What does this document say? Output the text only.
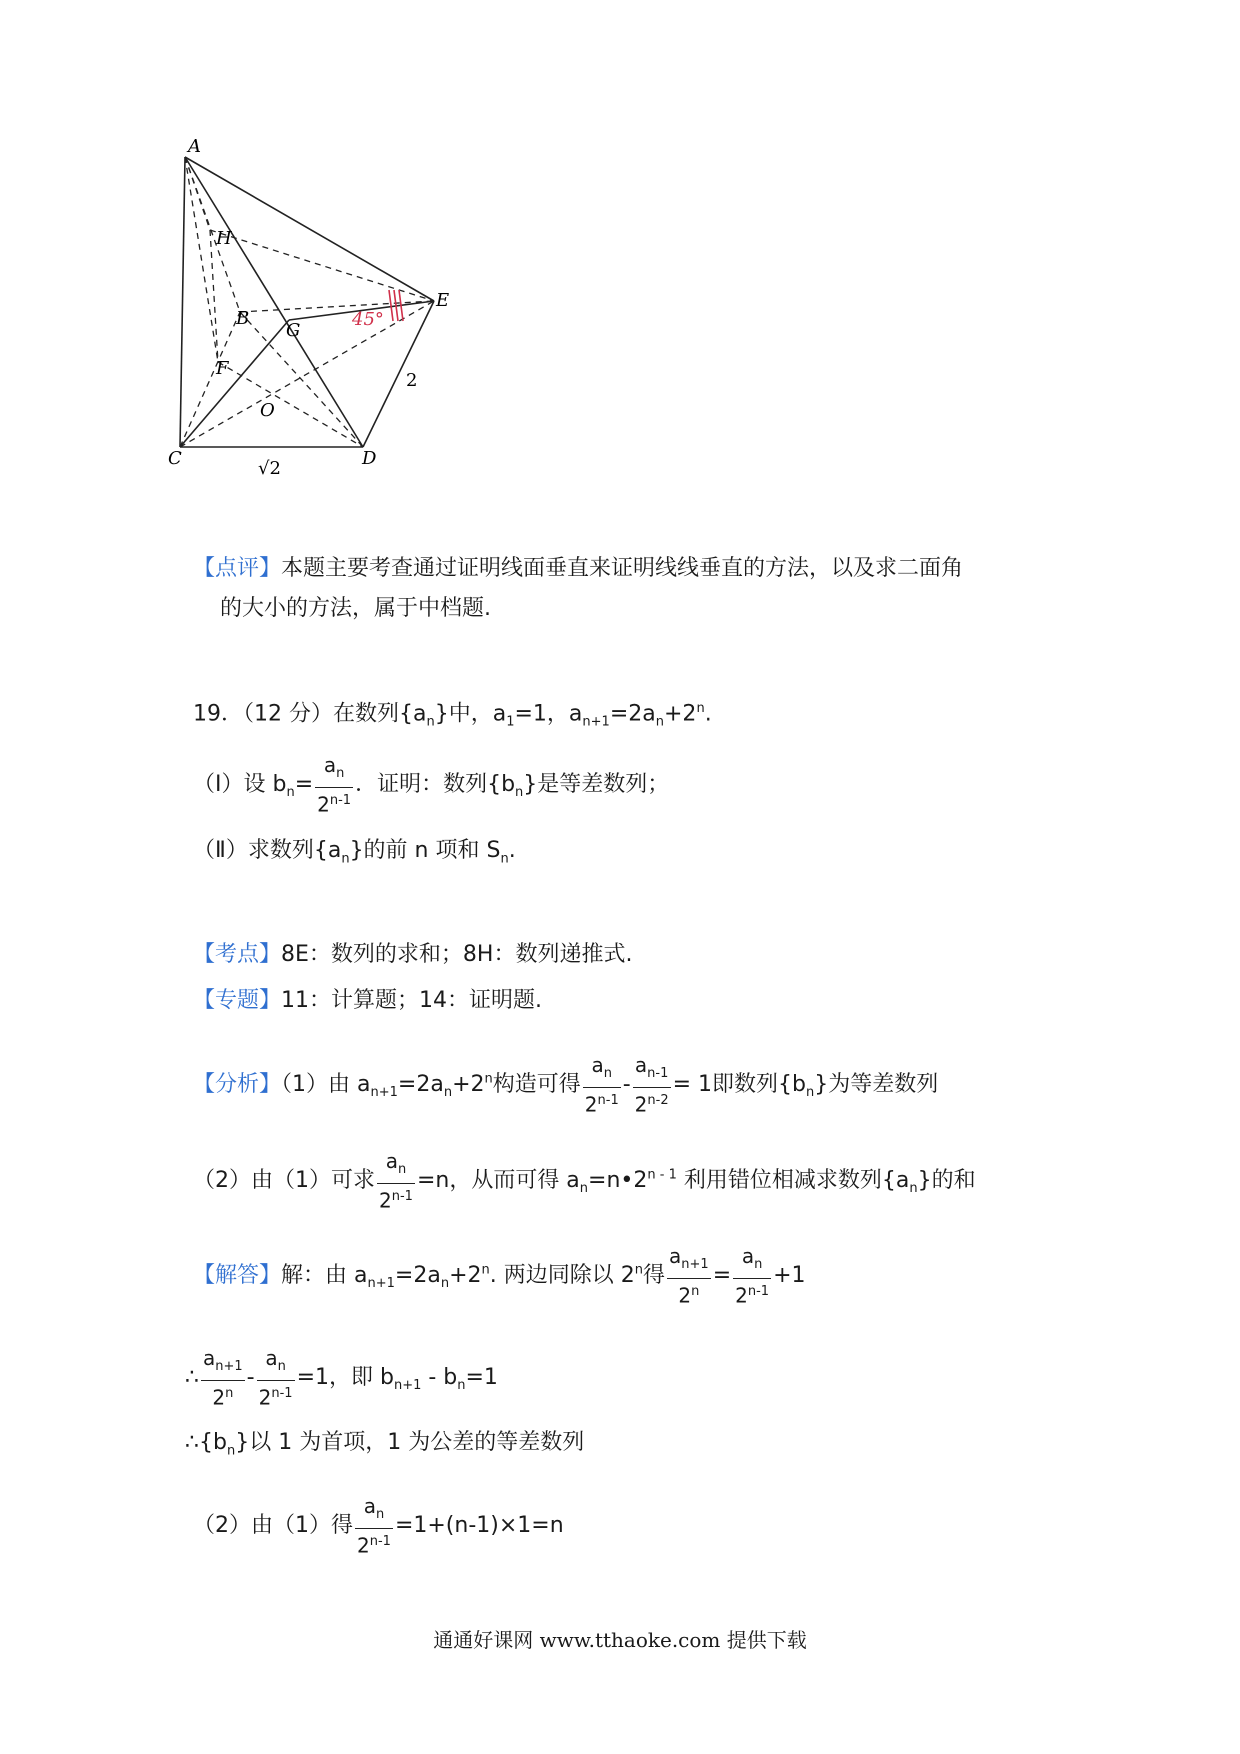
45°
A
H
B
G
E
F
O
C	D
2
√2
【点评】本题主要考查通过证明线面垂直来证明线线垂直的方法，以及求二面角
的大小的方法，属于中档题.
19．（12 分）在数列$\{a_n\}$中，$a_1=1$，$a_{n+1}=2a_n+2^n$.
（Ⅰ）设 $b_n= \frac{a_n}{2^{n-1}}$ ．证明：数列$\{b_n\}$是等差数列；
（Ⅱ）求数列$\{a_n\}$的前 n 项和 $S_n$.
【考点】8E：数列的求和；8H：数列递推式.
【专题】11：计算题；14：证明题.
【分析】（1）由 $a_{n+1}=2a_n+2^n$构造可得 $\frac{a_n}{2^{n-1}} - \frac{a_{n-1}}{2^{n-2}} = 1$即数列$\{b_n\}$为等差数列
（2）由（1）可求 $\frac{a_n}{2^{n-1}} =n$，从而可得 $a_n=n•2^{n - 1}$ 利用错位相减求数列$\{a_n\}$的和
【解答】解：由 $a_{n+1}=2a_n+2^n$. 两边同除以 2$^n$得 $\frac{a_{n+1}}{2^n} = \frac{a_n}{2^{n-1}} +1$
∴ $\frac{a_{n+1}}{2^n} - \frac{a_n}{2^{n-1}} =1$，即 $b_{n+1} - b_n=1$
$\therefore\{b_n\}$以 1 为首项，1 为公差的等差数列
（2）由（1）得 $\frac{a_n}{2^{n-1}} =1+(n-1)\times 1=n$
通通好课网 www.tthaoke.com 提供下载
